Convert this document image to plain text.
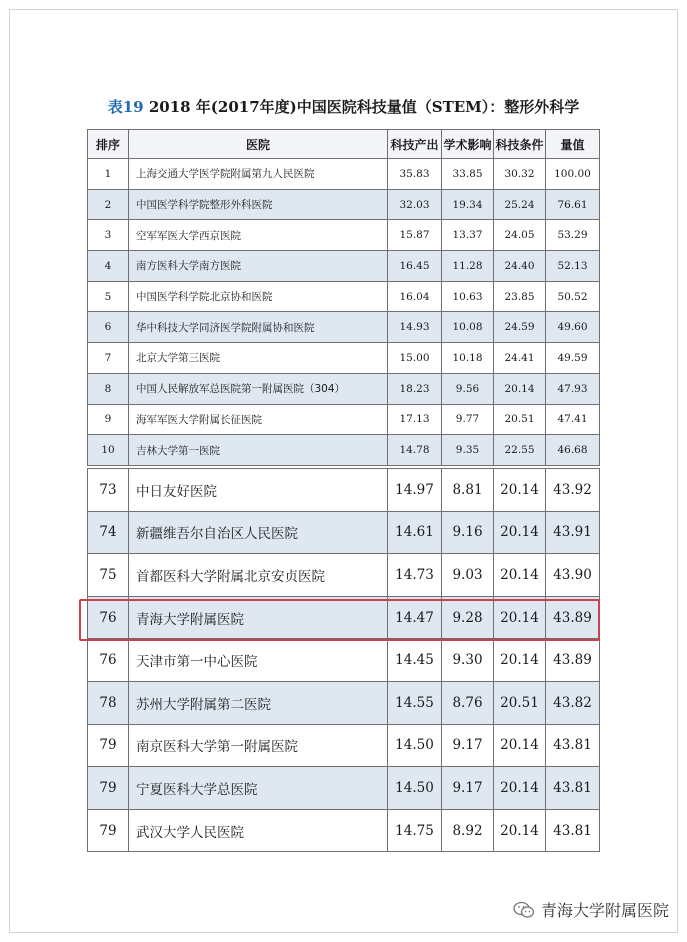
表19 2018 年(2017年度)中国医院科技量值（STEM）：整形外科学
排序	医院	科技产出	学术影响	科技条件	量值
1	上海交通大学医学院附属第九人民医院	35.83	33.85	30.32	100.00
2	中国医学科学院整形外科医院	32.03	19.34	25.24	76.61
3	空军军医大学西京医院	15.87	13.37	24.05	53.29
4	南方医科大学南方医院	16.45	11.28	24.40	52.13
5	中国医学科学院北京协和医院	16.04	10.63	23.85	50.52
6	华中科技大学同济医学院附属协和医院	14.93	10.08	24.59	49.60
7	北京大学第三医院	15.00	10.18	24.41	49.59
8	中国人民解放军总医院第一附属医院（304）	18.23	9.56	20.14	47.93
9	海军军医大学附属长征医院	17.13	9.77	20.51	47.41
10	吉林大学第一医院	14.78	9.35	22.55	46.68
73	中日友好医院	14.97	8.81	20.14	43.92
74	新疆维吾尔自治区人民医院	14.61	9.16	20.14	43.91
75	首都医科大学附属北京安贞医院	14.73	9.03	20.14	43.90
76	青海大学附属医院	14.47	9.28	20.14	43.89
76	天津市第一中心医院	14.45	9.30	20.14	43.89
78	苏州大学附属第二医院	14.55	8.76	20.51	43.82
79	南京医科大学第一附属医院	14.50	9.17	20.14	43.81
79	宁夏医科大学总医院	14.50	9.17	20.14	43.81
79	武汉大学人民医院	14.75	8.92	20.14	43.81
青海大学附属医院
